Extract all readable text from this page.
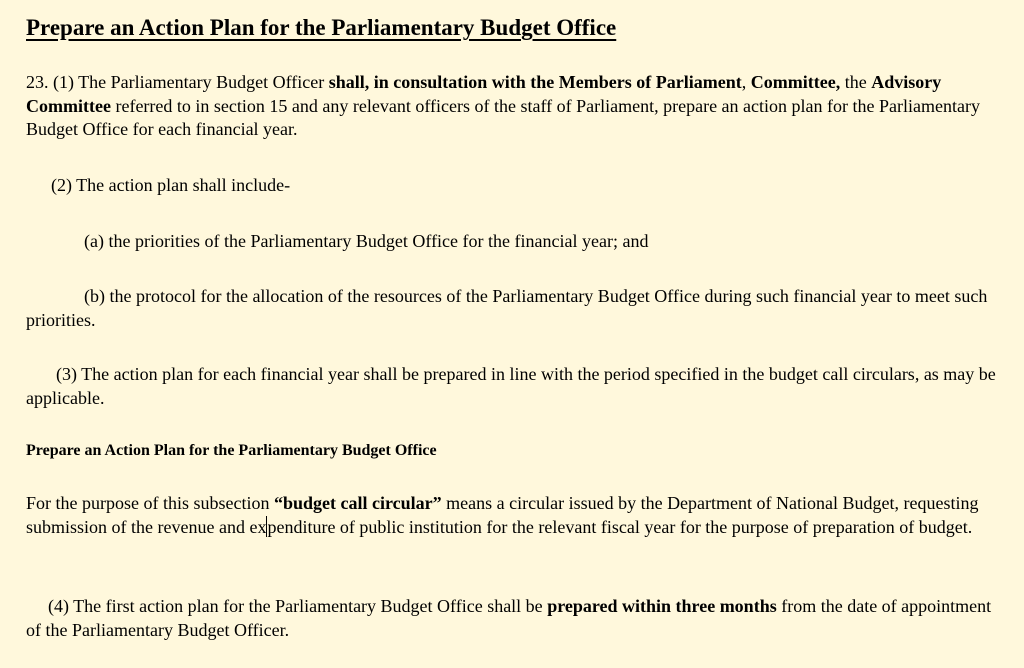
Prepare an Action Plan for the Parliamentary Budget Office

23. (1) The Parliamentary Budget Officer shall, in consultation with the Members of Parliament, Committee, the Advisory Committee referred to in section 15 and any relevant officers of the staff of Parliament, prepare an action plan for the Parliamentary Budget Office for each financial year.

(2) The action plan shall include-

(a) the priorities of the Parliamentary Budget Office for the financial year; and

(b) the protocol for the allocation of the resources of the Parliamentary Budget Office during such financial year to meet such priorities.

(3) The action plan for each financial year shall be prepared in line with the period specified in the budget call circulars, as may be applicable.

Prepare an Action Plan for the Parliamentary Budget Office

For the purpose of this subsection “budget call circular” means a circular issued by the Department of National Budget, requesting submission of the revenue and expenditure of public institution for the relevant fiscal year for the purpose of preparation of budget.

(4) The first action plan for the Parliamentary Budget Office shall be prepared within three months from the date of appointment of the Parliamentary Budget Officer.
